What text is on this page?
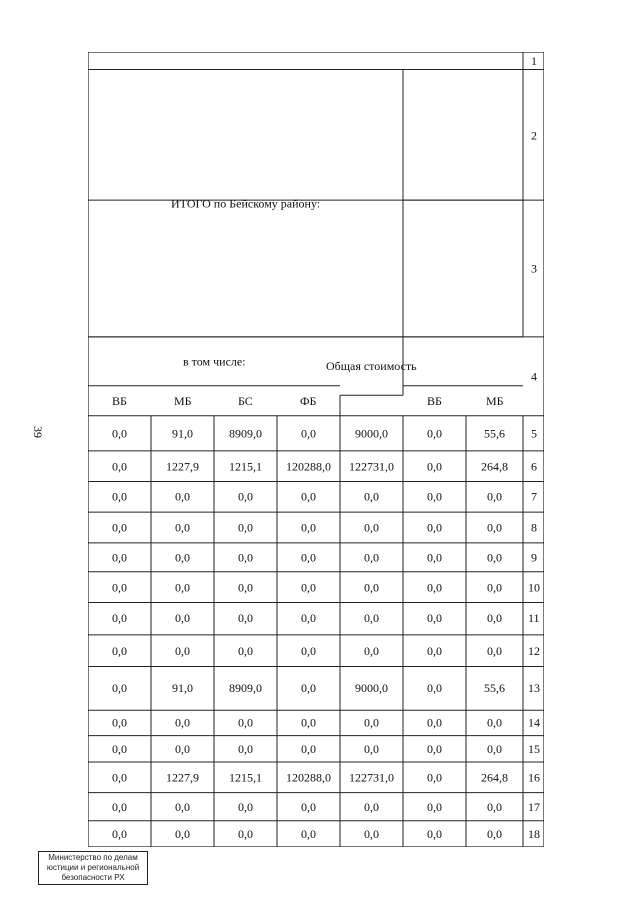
39
1
2
3
4
5
6
7
8
9
10
11
12
13
14
15
16
17
18
МБ
55,6
264,8
0,0
0,0
0,0
0,0
0,0
0,0
55,6
0,0
0,0
264,8
0,0
0,0
ВБ
0,0
0,0
0,0
0,0
0,0
0,0
0,0
0,0
0,0
0,0
0,0
0,0
0,0
0,0
Общая стоимость
9000,0
122731,0
0,0
0,0
0,0
0,0
0,0
0,0
9000,0
0,0
0,0
122731,0
0,0
0,0
ФБ
0,0
120288,0
0,0
0,0
0,0
0,0
0,0
0,0
0,0
0,0
0,0
120288,0
0,0
0,0
БС
8909,0
1215,1
0,0
0,0
0,0
0,0
0,0
0,0
8909,0
0,0
0,0
1215,1
0,0
0,0
МБ
91,0
1227,9
0,0
0,0
0,0
0,0
0,0
0,0
91,0
0,0
0,0
1227,9
0,0
0,0
ВБ
0,0
0,0
0,0
0,0
0,0
0,0
0,0
0,0
0,0
0,0
0,0
0,0
0,0
0,0
в том числе:
ИТОГО по Бейскому району:
Министерство по делам юстиции и региональной безопасности РХ
